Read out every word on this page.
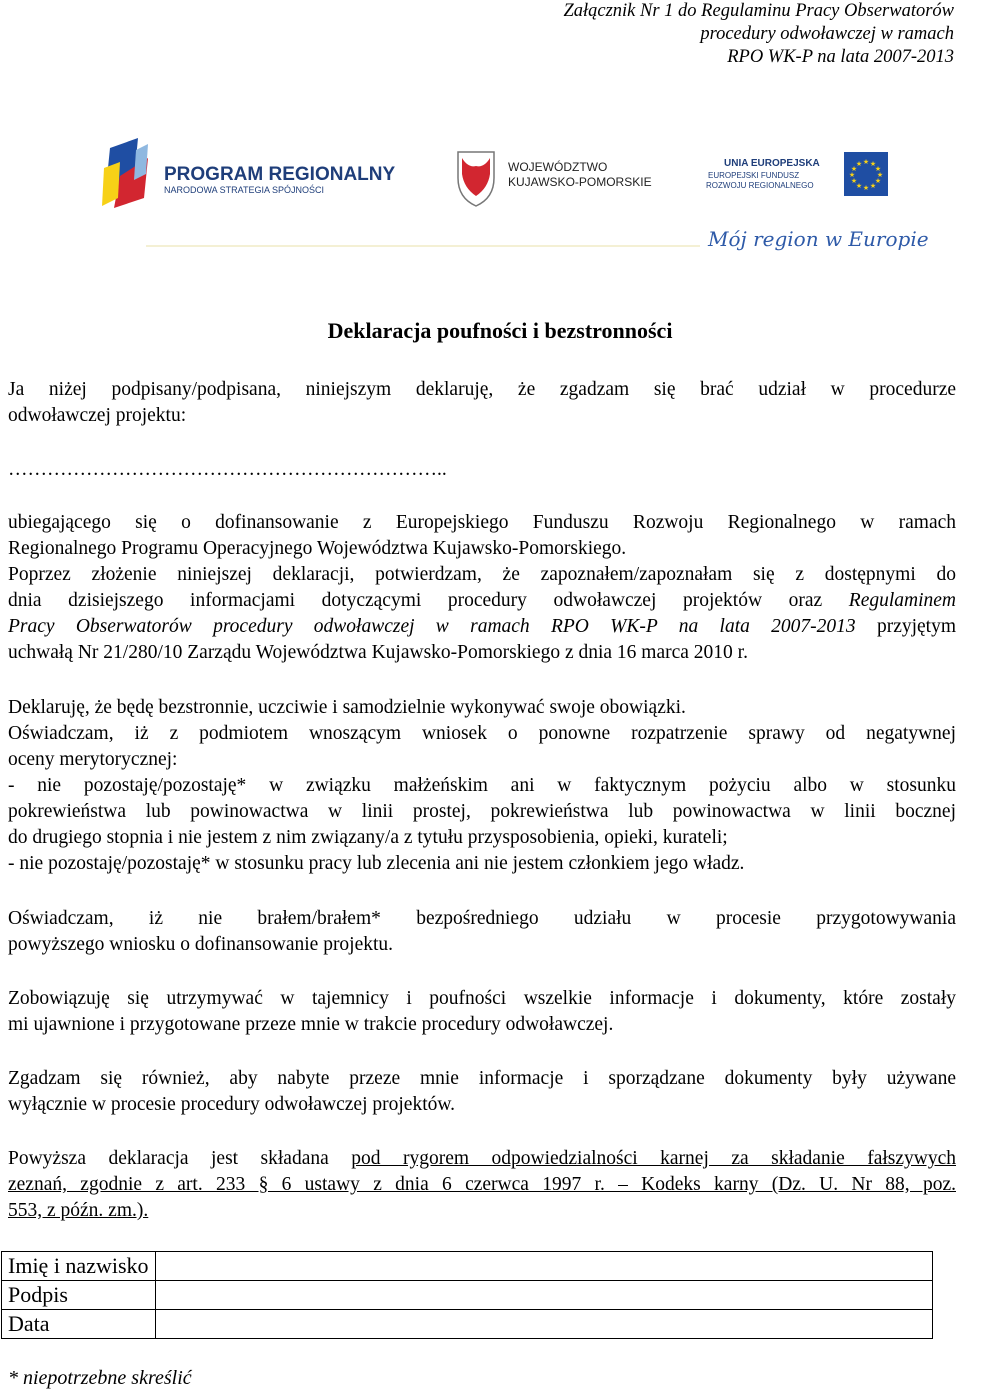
Załącznik Nr 1 do Regulaminu Pracy Obserwatorów
procedury odwoławczej w ramach
RPO WK-P na lata 2007-2013
PROGRAM REGIONALNY
NARODOWA STRATEGIA SPÓJNOŚCI
WOJEWÓDZTWO
KUJAWSKO-POMORSKIE
UNIA EUROPEJSKA
EUROPEJSKI FUNDUSZ
ROZWOJU REGIONALNEGO
★ ★
★
★
★
★
★
★
★
★
★
★
Mój region w Europie
Deklaracja poufności i bezstronności

Ja niżej podpisany/podpisana, niniejszym deklaruję, że zgadzam się brać udział w procedurze

odwoławczej projektu:

…………………………………………………………..

ubiegającego się o dofinansowanie z Europejskiego Funduszu Rozwoju Regionalnego w ramach

Regionalnego Programu Operacyjnego Województwa Kujawsko-Pomorskiego.

Poprzez złożenie niniejszej deklaracji, potwierdzam, że zapoznałem/zapoznałam się z dostępnymi do

dnia dzisiejszego informacjami dotyczącymi procedury odwoławczej projektów oraz Regulaminem

Pracy Obserwatorów procedury odwoławczej w ramach RPO WK-P na lata 2007-2013 przyjętym

uchwałą Nr 21/280/10 Zarządu Województwa Kujawsko-Pomorskiego z dnia 16 marca 2010 r.

Deklaruję, że będę bezstronnie, uczciwie i samodzielnie wykonywać swoje obowiązki.

Oświadczam, iż z podmiotem wnoszącym wniosek o ponowne rozpatrzenie sprawy od negatywnej

oceny merytorycznej:

- nie pozostaję/pozostaję* w związku małżeńskim ani w faktycznym pożyciu albo w stosunku

pokrewieństwa lub powinowactwa w linii prostej, pokrewieństwa lub powinowactwa w linii bocznej

do drugiego stopnia i nie jestem z nim związany/a z tytułu przysposobienia, opieki, kurateli;

- nie pozostaję/pozostaję* w stosunku pracy lub zlecenia ani nie jestem członkiem jego władz.

Oświadczam, iż nie brałem/brałem* bezpośredniego udziału w procesie przygotowywania

powyższego wniosku o dofinansowanie projektu.

Zobowiązuję się utrzymywać w tajemnicy i poufności wszelkie informacje i dokumenty, które zostały

mi ujawnione i przygotowane przeze mnie w trakcie procedury odwoławczej.

Zgadzam się również, aby nabyte przeze mnie informacje i sporządzane dokumenty były używane

wyłącznie w procesie procedury odwoławczej projektów.

Powyższa deklaracja jest składana pod rygorem odpowiedzialności karnej za składanie fałszywych

zeznań, zgodnie z art. 233 § 6 ustawy z dnia 6 czerwca 1997 r. – Kodeks karny (Dz. U. Nr 88, poz.

553, z późn. zm.).

Imię i nazwisko	
Podpis	
Data	
* niepotrzebne skreślić
